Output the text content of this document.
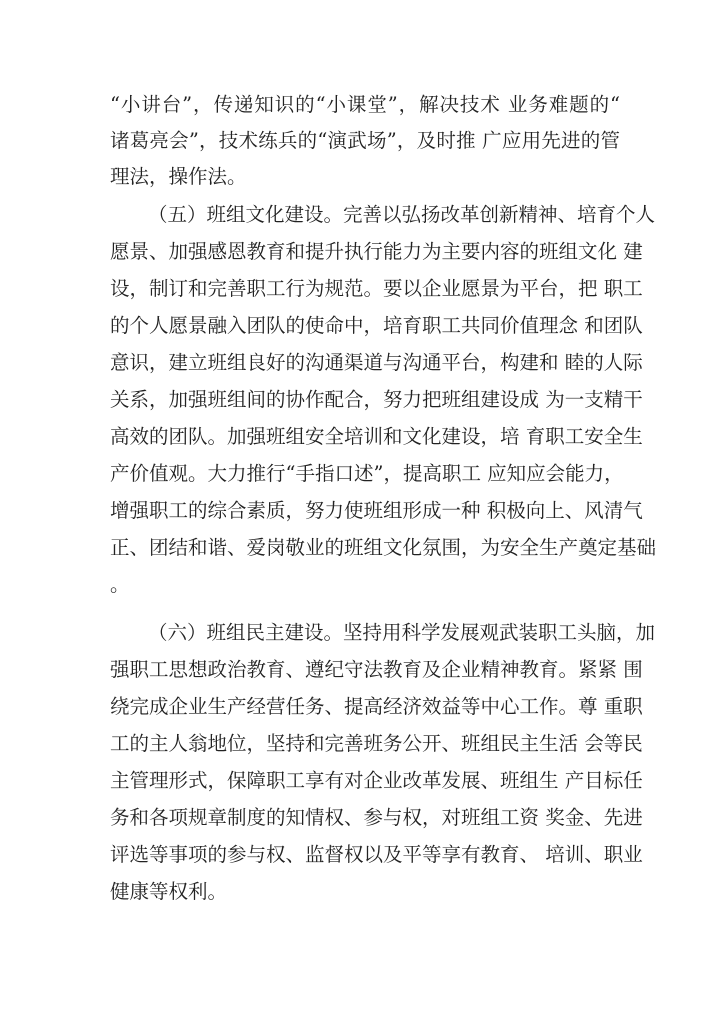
“小讲台”，传递知识的“小课堂”，解决技术 业务难题的“
诸葛亮会”，技术练兵的“演武场”，及时推 广应用先进的管
理法，操作法。
（五）班组文化建设。完善以弘扬改革创新精神、培育个人
愿景、加强感恩教育和提升执行能力为主要内容的班组文化 建
设，制订和完善职工行为规范。要以企业愿景为平台，把 职工
的个人愿景融入团队的使命中，培育职工共同价值理念 和团队
意识，建立班组良好的沟通渠道与沟通平台，构建和 睦的人际
关系，加强班组间的协作配合，努力把班组建设成 为一支精干
高效的团队。加强班组安全培训和文化建设，培 育职工安全生
产价值观。大力推行“手指口述”，提高职工 应知应会能力，
增强职工的综合素质，努力使班组形成一种 积极向上、风清气
正、团结和谐、爱岗敬业的班组文化氛围，为安全生产奠定基础
。
（六）班组民主建设。坚持用科学发展观武装职工头脑，加
强职工思想政治教育、遵纪守法教育及企业精神教育。紧紧 围
绕完成企业生产经营任务、提高经济效益等中心工作。尊 重职
工的主人翁地位，坚持和完善班务公开、班组民主生活 会等民
主管理形式，保障职工享有对企业改革发展、班组生 产目标任
务和各项规章制度的知情权、参与权，对班组工资 奖金、先进
评选等事项的参与权、监督权以及平等享有教育、 培训、职业
健康等权利。
